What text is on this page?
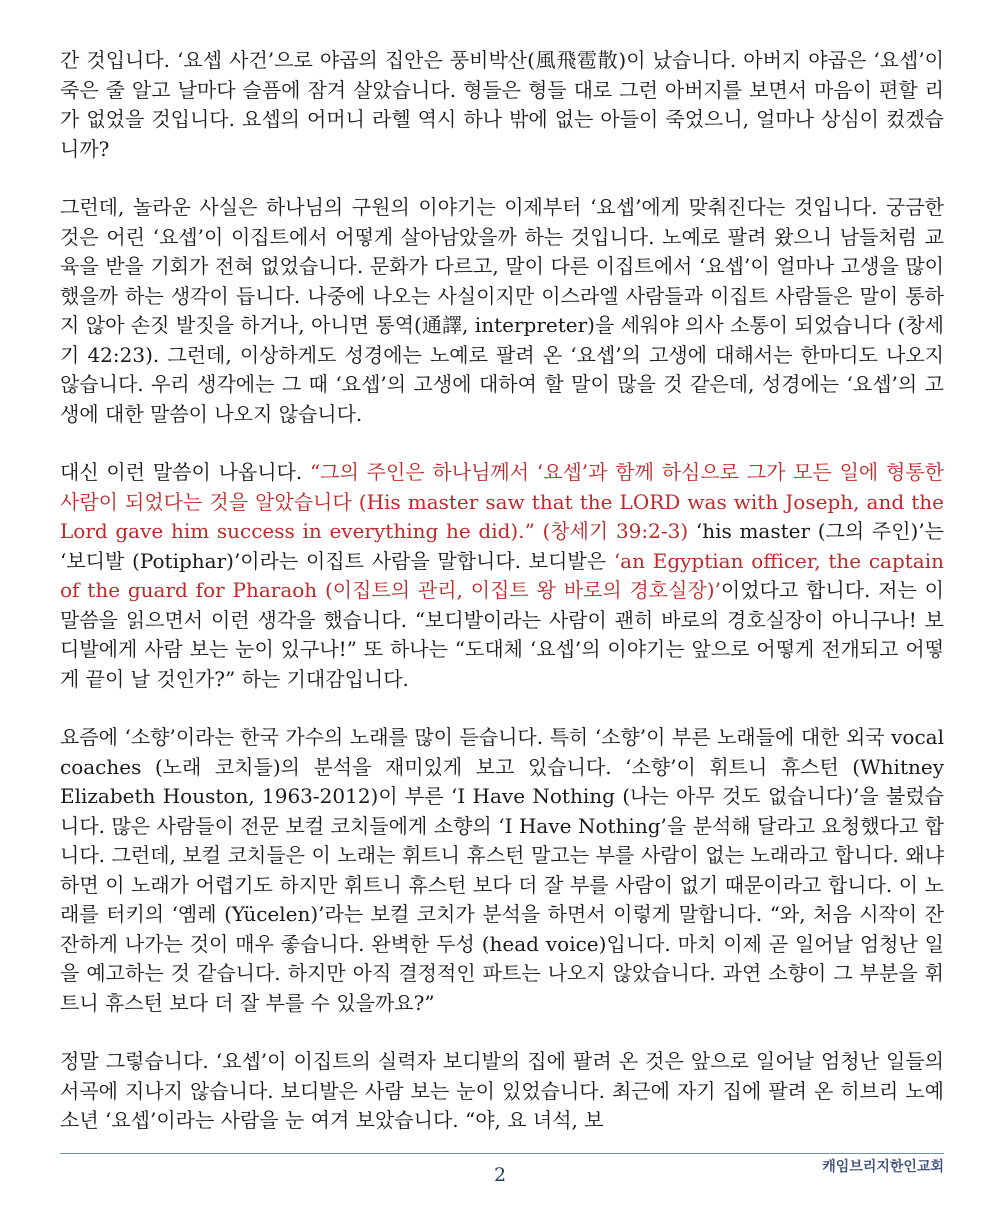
간 것입니다. ‘요셉 사건’으로 야곱의 집안은 풍비박산(風飛雹散)이 났습니다. 아버지 야곱은 ‘요셉’이 죽은 줄 알고 날마다 슬픔에 잠겨 살았습니다. 형들은 형들 대로 그런 아버지를 보면서 마음이 편할 리가 없었을 것입니다. 요셉의 어머니 라헬 역시 하나 밖에 없는 아들이 죽었으니, 얼마나 상심이 컸겠습니까?

그런데, 놀라운 사실은 하나님의 구원의 이야기는 이제부터 ‘요셉’에게 맞춰진다는 것입니다. 궁금한 것은 어린 ‘요셉’이 이집트에서 어떻게 살아남았을까 하는 것입니다. 노예로 팔려 왔으니 남들처럼 교육을 받을 기회가 전혀 없었습니다. 문화가 다르고, 말이 다른 이집트에서 ‘요셉’이 얼마나 고생을 많이 했을까 하는 생각이 듭니다. 나중에 나오는 사실이지만 이스라엘 사람들과 이집트 사람들은 말이 통하지 않아 손짓 발짓을 하거나, 아니면 통역(通譯, interpreter)을 세워야 의사 소통이 되었습니다 (창세기 42:23). 그런데, 이상하게도 성경에는 노예로 팔려 온 ‘요셉’의 고생에 대해서는 한마디도 나오지 않습니다. 우리 생각에는 그 때 ‘요셉’의 고생에 대하여 할 말이 많을 것 같은데, 성경에는 ‘요셉’의 고생에 대한 말씀이 나오지 않습니다.

대신 이런 말씀이 나옵니다. “그의 주인은 하나님께서 ‘요셉’과 함께 하심으로 그가 모든 일에 형통한 사람이 되었다는 것을 알았습니다 (His master saw that the LORD was with Joseph, and the Lord gave him success in everything he did).” (창세기 39:2-3) ‘his master (그의 주인)’는 ‘보디발 (Potiphar)’이라는 이집트 사람을 말합니다. 보디발은 ‘an Egyptian officer, the captain of the guard for Pharaoh (이집트의 관리, 이집트 왕 바로의 경호실장)’이었다고 합니다. 저는 이 말씀을 읽으면서 이런 생각을 했습니다. “보디발이라는 사람이 괜히 바로의 경호실장이 아니구나! 보디발에게 사람 보는 눈이 있구나!” 또 하나는 “도대체 ‘요셉’의 이야기는 앞으로 어떻게 전개되고 어떻게 끝이 날 것인가?” 하는 기대감입니다.

요즘에 ‘소향’이라는 한국 가수의 노래를 많이 듣습니다. 특히 ‘소향’이 부른 노래들에 대한 외국 vocal coaches (노래 코치들)의 분석을 재미있게 보고 있습니다. ‘소향’이 휘트니 휴스턴 (Whitney Elizabeth Houston, 1963-2012)이 부른 ‘I Have Nothing (나는 아무 것도 없습니다)’을 불렀습니다. 많은 사람들이 전문 보컬 코치들에게 소향의 ‘I Have Nothing’을 분석해 달라고 요청했다고 합니다. 그런데, 보컬 코치들은 이 노래는 휘트니 휴스턴 말고는 부를 사람이 없는 노래라고 합니다. 왜냐하면 이 노래가 어렵기도 하지만 휘트니 휴스턴 보다 더 잘 부를 사람이 없기 때문이라고 합니다. 이 노래를 터키의 ‘옘레 (Yücelen)’라는 보컬 코치가 분석을 하면서 이렇게 말합니다. “와, 처음 시작이 잔잔하게 나가는 것이 매우 좋습니다. 완벽한 두성 (head voice)입니다. 마치 이제 곧 일어날 엄청난 일을 예고하는 것 같습니다. 하지만 아직 결정적인 파트는 나오지 않았습니다. 과연 소향이 그 부분을 휘트니 휴스턴 보다 더 잘 부를 수 있을까요?”

정말 그렇습니다. ‘요셉’이 이집트의 실력자 보디발의 집에 팔려 온 것은 앞으로 일어날 엄청난 일들의 서곡에 지나지 않습니다. 보디발은 사람 보는 눈이 있었습니다. 최근에 자기 집에 팔려 온 히브리 노예 소년 ‘요셉’이라는 사람을 눈 여겨 보았습니다. “야, 요 녀석, 보

캐임브리지한인교회
2
